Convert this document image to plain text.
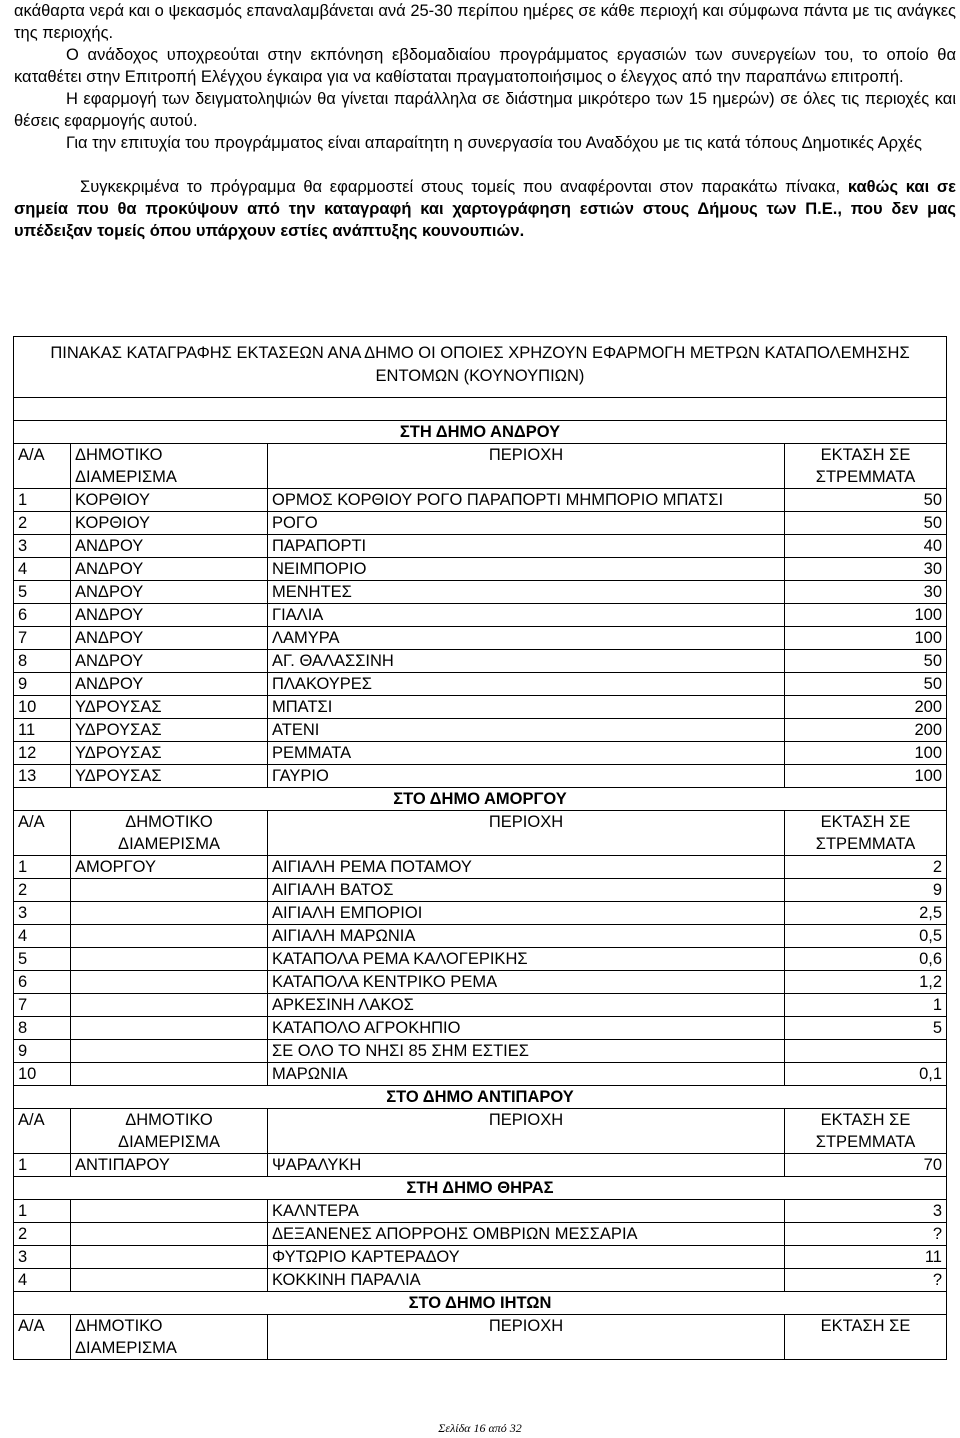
ακάθαρτα νερά και ο ψεκασμός επαναλαμβάνεται ανά 25-30 περίπου ημέρες σε κάθε περιοχή και σύμφωνα πάντα με τις ανάγκες της περιοχής.

Ο ανάδοχος υποχρεούται στην εκπόνηση εβδομαδιαίου προγράμματος εργασιών των συνεργείων του, το οποίο θα καταθέτει στην Επιτροπή Ελέγχου έγκαιρα για να καθίσταται πραγματοποιήσιμος ο έλεγχος από την παραπάνω επιτροπή.

Η εφαρμογή των δειγματοληψιών θα γίνεται παράλληλα σε διάστημα μικρότερο των 15 ημερών) σε όλες τις περιοχές και θέσεις εφαρμογής αυτού.

Για την επιτυχία του προγράμματος είναι απαραίτητη η συνεργασία του Αναδόχου με τις κατά τόπους Δημοτικές Αρχές

Συγκεκριμένα το πρόγραμμα θα εφαρμοστεί στους τομείς που αναφέρονται στον παρακάτω πίνακα, καθώς και σε σημεία που θα προκύψουν από την καταγραφή και χαρτογράφηση εστιών στους Δήμους των Π.Ε., που δεν μας υπέδειξαν τομείς όπου υπάρχουν εστίες ανάπτυξης κουνουπιών.

ΠΙΝΑΚΑΣ ΚΑΤΑΓΡΑΦΗΣ ΕΚΤΑΣΕΩΝ ΑΝΑ ΔΗΜΟ ΟΙ ΟΠΟΙΕΣ ΧΡΗΖΟΥΝ ΕΦΑΡΜΟΓΗ ΜΕΤΡΩΝ ΚΑΤΑΠΟΛΕΜΗΣΗΣ ΕΝΤΟΜΩΝ (ΚΟΥΝΟΥΠΙΩΝ)			

ΣΤΗ ΔΗΜΟ ΑΝΔΡΟΥ			
Α/Α	ΔΗΜΟΤΙΚΟ ΔΙΑΜΕΡΙΣΜΑ	ΠΕΡΙΟΧΗ	ΕΚΤΑΣΗ ΣΕ ΣΤΡΕΜΜΑΤΑ
1	ΚΟΡΘΙΟΥ	ΟΡΜΟΣ ΚΟΡΘΙΟΥ ΡΟΓΟ ΠΑΡΑΠΟΡΤΙ ΜΗΜΠΟΡΙΟ ΜΠΑΤΣΙ	50
2	ΚΟΡΘΙΟΥ	ΡΟΓΟ	50
3	ΑΝΔΡΟΥ	ΠΑΡΑΠΟΡΤΙ	40
4	ΑΝΔΡΟΥ	ΝΕΙΜΠΟΡΙΟ	30
5	ΑΝΔΡΟΥ	ΜΕΝΗΤΕΣ	30
6	ΑΝΔΡΟΥ	ΓΙΑΛΙΑ	100
7	ΑΝΔΡΟΥ	ΛΑΜΥΡΑ	100
8	ΑΝΔΡΟΥ	ΑΓ. ΘΑΛΑΣΣΙΝΗ	50
9	ΑΝΔΡΟΥ	ΠΛΑΚΟΥΡΕΣ	50
10	ΥΔΡΟΥΣΑΣ	ΜΠΑΤΣΙ	200
11	ΥΔΡΟΥΣΑΣ	ΑΤΕΝΙ	200
12	ΥΔΡΟΥΣΑΣ	ΡΕΜΜΑΤΑ	100
13	ΥΔΡΟΥΣΑΣ	ΓΑΥΡΙΟ	100
ΣΤΟ ΔΗΜΟ ΑΜΟΡΓΟΥ			
Α/Α	ΔΗΜΟΤΙΚΟ ΔΙΑΜΕΡΙΣΜΑ	ΠΕΡΙΟΧΗ	ΕΚΤΑΣΗ ΣΕ ΣΤΡΕΜΜΑΤΑ
1	ΑΜΟΡΓΟΥ	ΑΙΓΙΑΛΗ ΡΕΜΑ ΠΟΤΑΜΟΥ	2
2		ΑΙΓΙΑΛΗ ΒΑΤΟΣ	9
3		ΑΙΓΙΑΛΗ ΕΜΠΟΡΙΟΙ	2,5
4		ΑΙΓΙΑΛΗ ΜΑΡΩΝΙΑ	0,5
5		ΚΑΤΑΠΟΛΑ ΡΕΜΑ ΚΑΛΟΓΕΡΙΚΗΣ	0,6
6		ΚΑΤΑΠΟΛΑ ΚΕΝΤΡΙΚΟ ΡΕΜΑ	1,2
7		ΑΡΚΕΣΙΝΗ ΛΑΚΟΣ	1
8		ΚΑΤΑΠΟΛΟ ΑΓΡΟΚΗΠΙΟ	5
9		ΣΕ ΟΛΟ ΤΟ ΝΗΣΙ 85 ΣΗΜ ΕΣΤΙΕΣ	
10		ΜΑΡΩΝΙΑ	0,1
ΣΤΟ ΔΗΜΟ ΑΝΤΙΠΑΡΟΥ			
Α/Α	ΔΗΜΟΤΙΚΟ ΔΙΑΜΕΡΙΣΜΑ	ΠΕΡΙΟΧΗ	ΕΚΤΑΣΗ ΣΕ ΣΤΡΕΜΜΑΤΑ
1	ΑΝΤΙΠΑΡΟΥ	ΨΑΡΑΛΥΚΗ	70
ΣΤΗ ΔΗΜΟ ΘΗΡΑΣ			
1		ΚΑΛΝΤΕΡΑ	3
2		ΔΕΞΑΝΕΝΕΣ ΑΠΟΡΡΟΗΣ ΟΜΒΡΙΩΝ ΜΕΣΣΑΡΙΑ	?
3		ΦΥΤΩΡΙΟ ΚΑΡΤΕΡΑΔΟΥ	11
4		ΚΟΚΚΙΝΗ ΠΑΡΑΛΙΑ	?
ΣΤΟ ΔΗΜΟ ΙΗΤΩΝ			
Α/Α	ΔΗΜΟΤΙΚΟ ΔΙΑΜΕΡΙΣΜΑ	ΠΕΡΙΟΧΗ	ΕΚΤΑΣΗ ΣΕ
Σελίδα 16 από 32
